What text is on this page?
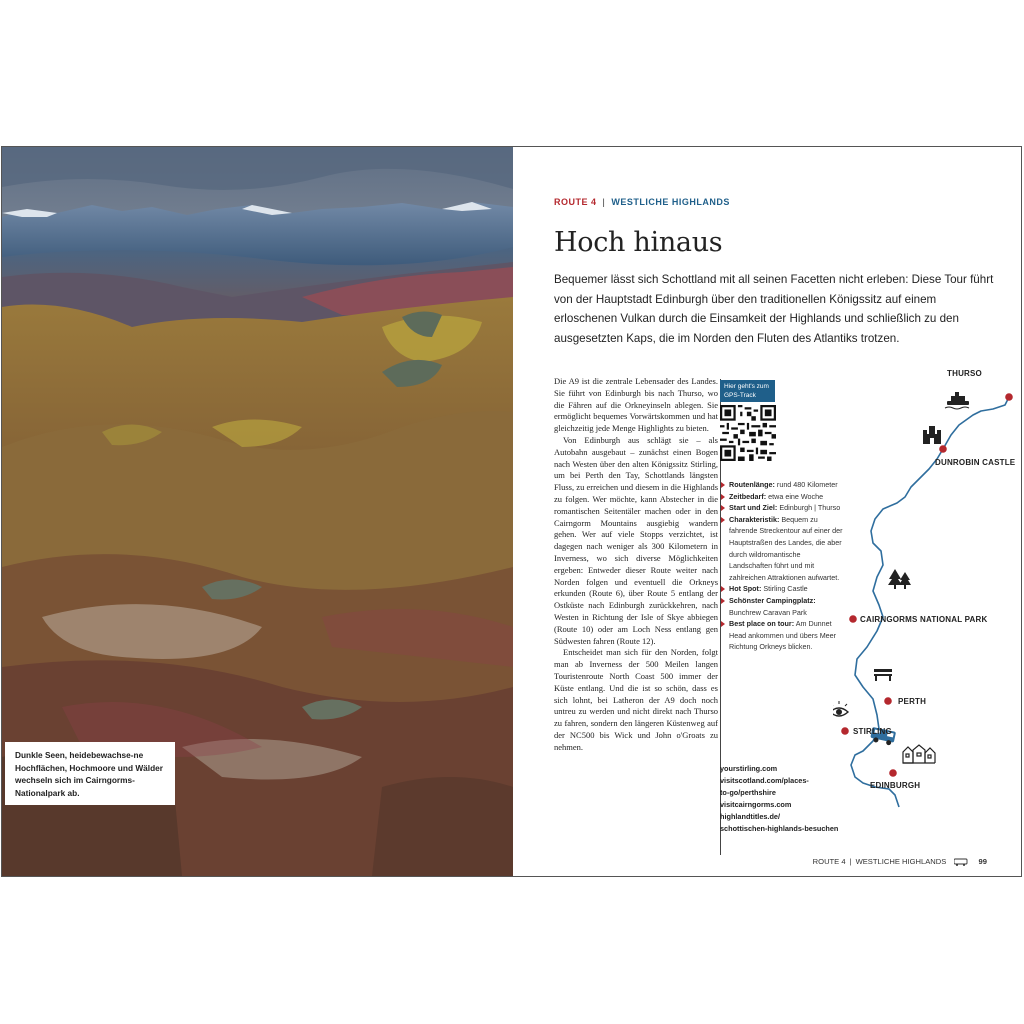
Dunkle Seen, heidebewachse-ne Hochflächen, Hochmoore und Wälder wechseln sich im Cairngorms-Nationalpark ab.
ROUTE 4 | WESTLICHE HIGHLANDS
Hoch hinaus

Bequemer lässt sich Schottland mit all seinen Facetten nicht erleben: Diese Tour führt von der Hauptstadt Edinburgh über den traditionellen Königssitz auf einem erloschenen Vulkan durch die Einsamkeit der Highlands und schließlich zu den ausgesetzten Kaps, die im Norden den Fluten des Atlantiks trotzen.

Die A9 ist die zentrale Lebensader des Landes. Sie führt von Edinburgh bis nach Thurso, wo die Fähren auf die Orkneyinseln ablegen. Sie ermöglicht bequemes Vorwärtskommen und hat gleichzeitig jede Menge Highlights zu bieten.

Von Edinburgh aus schlägt sie – als Autobahn ausgebaut – zunächst einen Bogen nach Westen über den alten Königssitz Stirling, um bei Perth den Tay, Schottlands längsten Fluss, zu erreichen und diesem in die Highlands zu folgen. Wer möchte, kann Abstecher in die romantischen Seitentäler machen oder in den Cairngorm Mountains ausgiebig wandern gehen. Wer auf viele Stopps verzichtet, ist dagegen nach weniger als 300 Kilometern in Inverness, wo sich diverse Möglichkeiten ergeben: Entweder dieser Route weiter nach Norden folgen und eventuell die Orkneys erkunden (Route 6), über Route 5 entlang der Ostküste nach Edinburgh zurückkehren, nach Westen in Richtung der Isle of Skye abbiegen (Route 10) oder am Loch Ness entlang gen Südwesten fahren (Route 12).

Entscheidet man sich für den Norden, folgt man ab Inverness der 500 Meilen langen Touristenroute North Coast 500 immer der Küste entlang. Und die ist so schön, dass es sich lohnt, bei Latheron der A9 doch noch untreu zu werden und nicht direkt nach Thurso zu fahren, sondern den längeren Küstenweg auf der NC500 bis Wick und John o'Groats zu nehmen.

Hier geht's zum GPS-Track
Routenlänge: rund 480 Kilometer
Zeitbedarf: etwa eine Woche
Start und Ziel: Edinburgh | Thurso
Charakteristik: Bequem zu fahrende Streckentour auf einer der Hauptstraßen des Landes, die aber durch wildromantische Landschaften führt und mit zahlreichen Attraktionen aufwartet.
Hot Spot: Stirling Castle
Schönster Campingplatz: Bunchrew Caravan Park
Best place on tour: Am Dunnet Head ankommen und übers Meer Richtung Orkneys blicken.
yourstirling.com
visitscotland.com/places-
to-go/perthshire
visitcairngorms.com
highlandtitles.de/
schottischen-highlands-besuchen
THURSO
DUNROBIN CASTLE
CAIRNGORMS NATIONAL PARK
PERTH
STIRLING
EDINBURGH
ROUTE 4 | WESTLICHE HIGHLANDS	99
